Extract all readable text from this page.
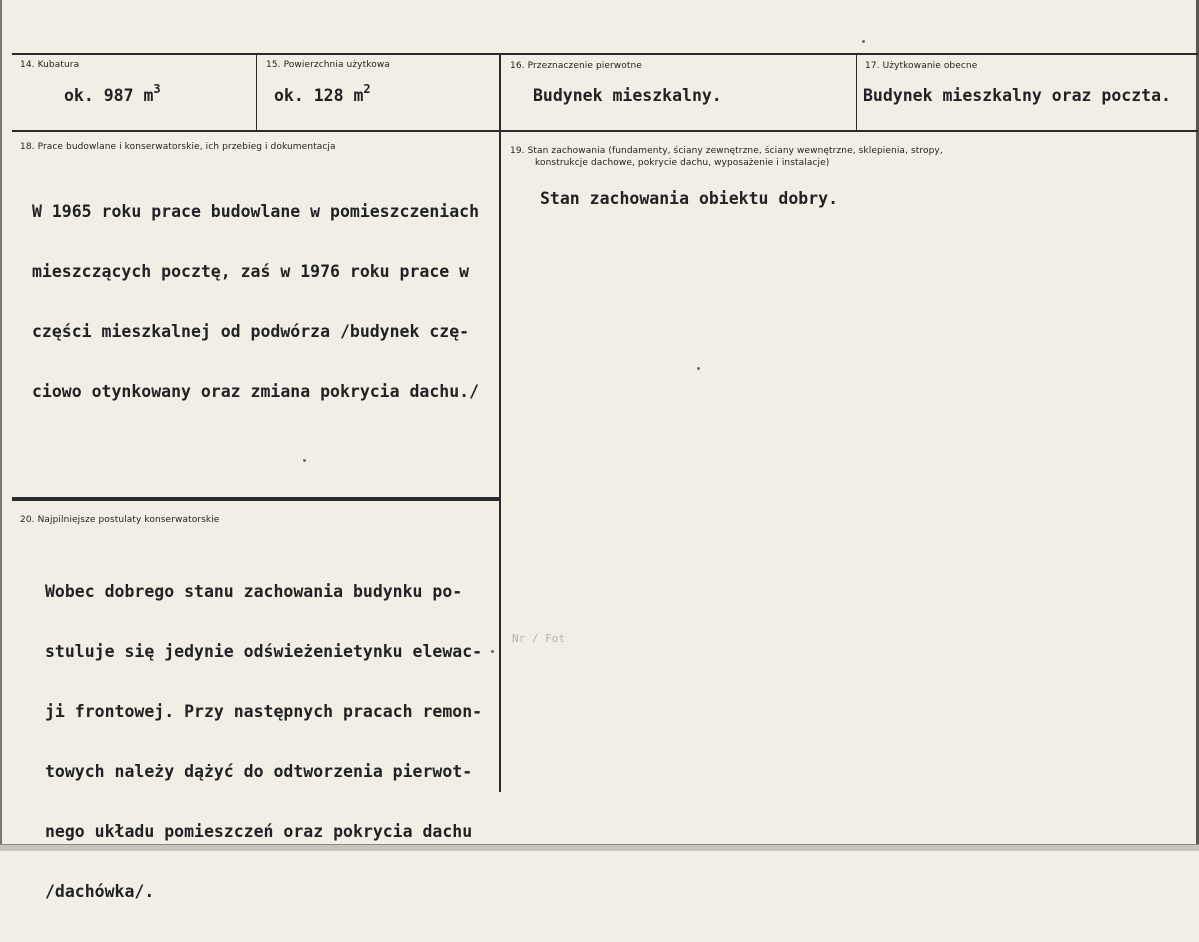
14. Kubatura
ok. 987 $m^3$
15. Powierzchnia użytkowa
ok. 128 $m^2$
16. Przeznaczenie pierwotne
Budynek mieszkalny.
17. Użytkowanie obecne
Budynek mieszkalny oraz poczta.
18. Prace budowlane i konserwatorskie, ich przebieg i dokumentacja

W 1965 roku prace budowlane w pomieszczeniach

mieszczących pocztę, zaś w 1976 roku prace w

części mieszkalnej od podwórza /budynek czę-

ciowo otynkowany oraz zmiana pokrycia dachu./

19. Stan zachowania (fundamenty, ściany zewnętrzne, ściany wewnętrzne, sklepienia, stropy,
konstrukcje dachowe, pokrycie dachu, wyposażenie i instalacje)
Stan zachowania obiektu dobry.
20. Najpilniejsze postulaty konserwatorskie

Wobec dobrego stanu zachowania budynku po-

stuluje się jedynie odświeżenietynku elewac-

ji frontowej. Przy następnych pracach remon-

towych należy dążyć do odtworzenia pierwot-

nego układu pomieszczeń oraz pokrycia dachu

/dachówka/.

Nr / Fot
